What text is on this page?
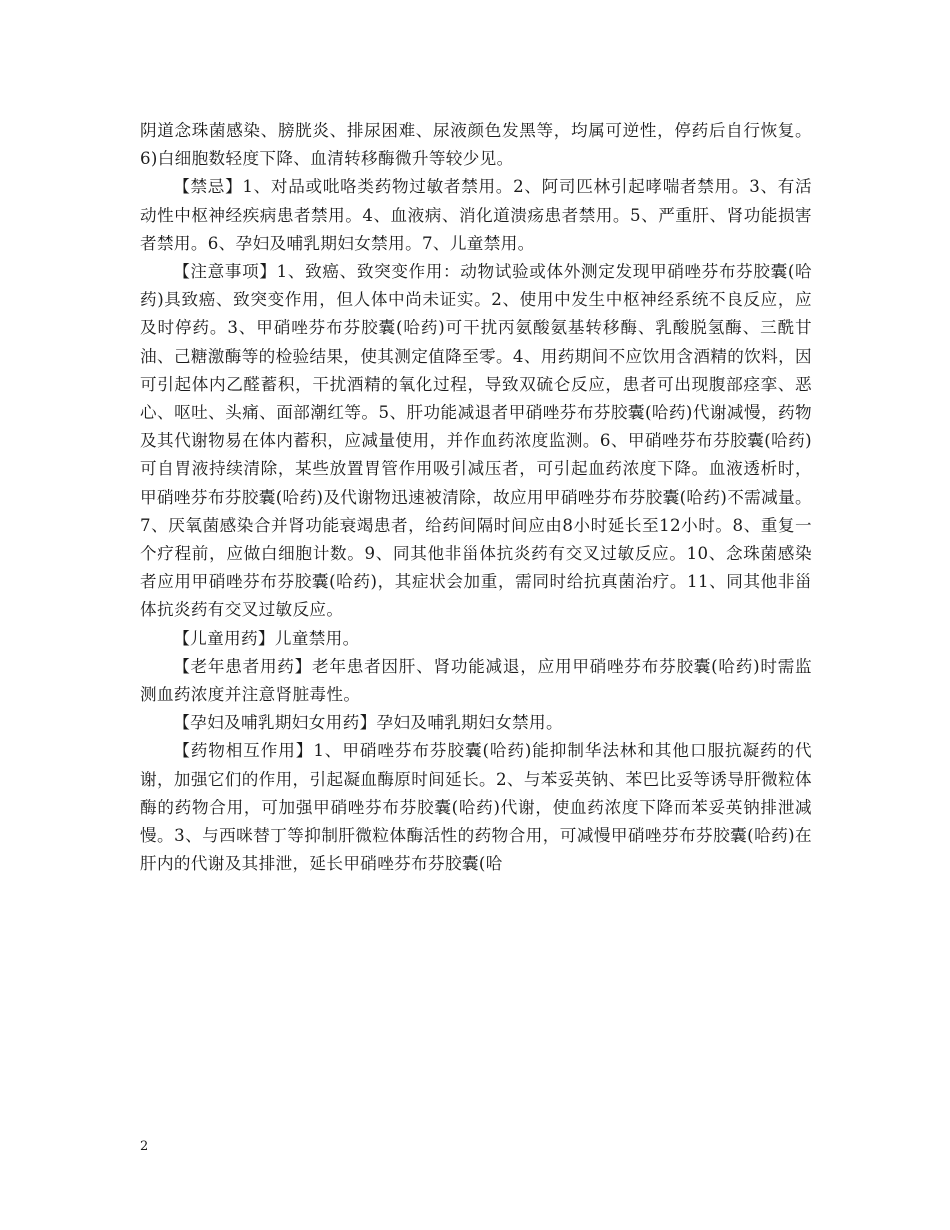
阴道念珠菌感染、膀胱炎、排尿困难、尿液颜色发黑等，均属可逆性，停药后自行恢复。6)白细胞数轻度下降、血清转移酶微升等较少见。

【禁忌】1、对品或吡咯类药物过敏者禁用。2、阿司匹林引起哮喘者禁用。3、有活动性中枢神经疾病患者禁用。4、血液病、消化道溃疡患者禁用。5、严重肝、肾功能损害者禁用。6、孕妇及哺乳期妇女禁用。7、儿童禁用。

【注意事项】1、致癌、致突变作用：动物试验或体外测定发现甲硝唑芬布芬胶囊(哈药)具致癌、致突变作用，但人体中尚未证实。2、使用中发生中枢神经系统不良反应，应及时停药。3、甲硝唑芬布芬胶囊(哈药)可干扰丙氨酸氨基转移酶、乳酸脱氢酶、三酰甘油、己糖激酶等的检验结果，使其测定值降至零。4、用药期间不应饮用含酒精的饮料，因可引起体内乙醛蓄积，干扰酒精的氧化过程，导致双硫仑反应，患者可出现腹部痉挛、恶心、呕吐、头痛、面部潮红等。5、肝功能减退者甲硝唑芬布芬胶囊(哈药)代谢减慢，药物及其代谢物易在体内蓄积，应减量使用，并作血药浓度监测。6、甲硝唑芬布芬胶囊(哈药)可自胃液持续清除，某些放置胃管作用吸引减压者，可引起血药浓度下降。血液透析时，甲硝唑芬布芬胶囊(哈药)及代谢物迅速被清除，故应用甲硝唑芬布芬胶囊(哈药)不需减量。7、厌氧菌感染合并肾功能衰竭患者，给药间隔时间应由8小时延长至12小时。8、重复一个疗程前，应做白细胞计数。9、同其他非甾体抗炎药有交叉过敏反应。10、念珠菌感染者应用甲硝唑芬布芬胶囊(哈药)，其症状会加重，需同时给抗真菌治疗。11、同其他非甾体抗炎药有交叉过敏反应。

【儿童用药】儿童禁用。

【老年患者用药】老年患者因肝、肾功能减退，应用甲硝唑芬布芬胶囊(哈药)时需监测血药浓度并注意肾脏毒性。

【孕妇及哺乳期妇女用药】孕妇及哺乳期妇女禁用。

【药物相互作用】1、甲硝唑芬布芬胶囊(哈药)能抑制华法林和其他口服抗凝药的代谢，加强它们的作用，引起凝血酶原时间延长。2、与苯妥英钠、苯巴比妥等诱导肝微粒体酶的药物合用，可加强甲硝唑芬布芬胶囊(哈药)代谢，使血药浓度下降而苯妥英钠排泄减慢。3、与西咪替丁等抑制肝微粒体酶活性的药物合用，可减慢甲硝唑芬布芬胶囊(哈药)在肝内的代谢及其排泄，延长甲硝唑芬布芬胶囊(哈

2
